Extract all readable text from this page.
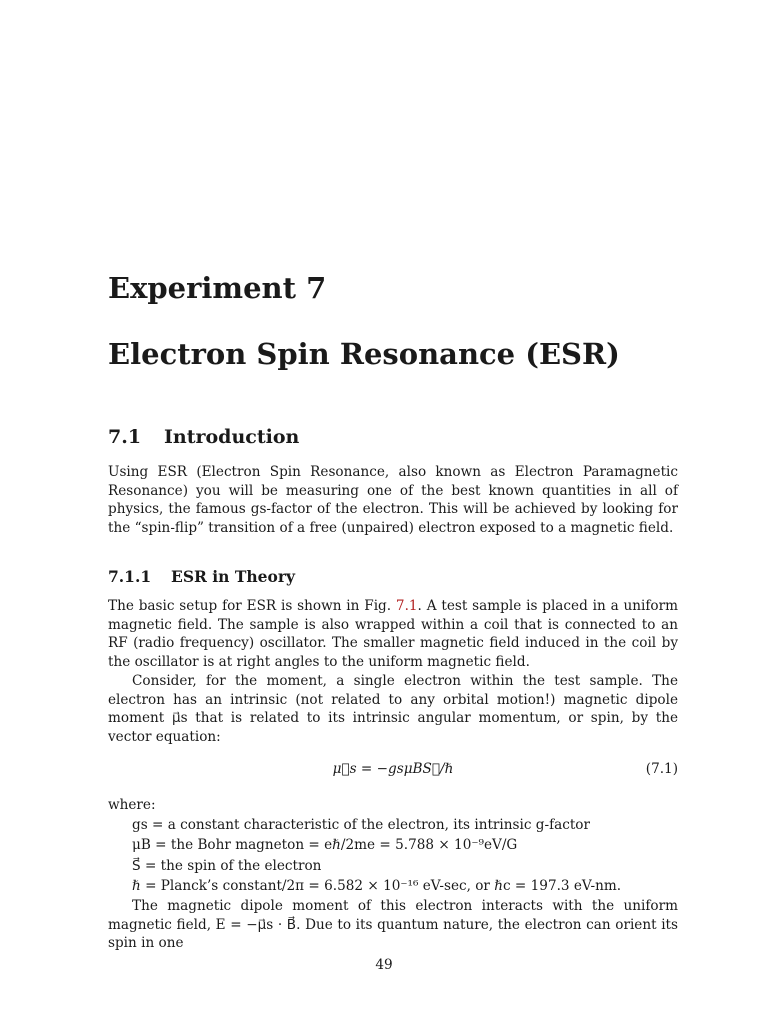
Experiment 7
Electron Spin Resonance (ESR)
7.1 Introduction

Using ESR (Electron Spin Resonance, also known as Electron Paramagnetic Resonance) you will be measuring one of the best known quantities in all of physics, the famous gs-factor of the electron. This will be achieved by looking for the “spin-flip” transition of a free (unpaired) electron exposed to a magnetic field.

7.1.1 ESR in Theory

The basic setup for ESR is shown in Fig. 7.1. A test sample is placed in a uniform magnetic field. The sample is also wrapped within a coil that is connected to an RF (radio frequency) oscillator. The smaller magnetic field induced in the coil by the oscillator is at right angles to the uniform magnetic field.

Consider, for the moment, a single electron within the test sample. The electron has an intrinsic (not related to any orbital motion!) magnetic dipole moment μ⃗s that is related to its intrinsic angular momentum, or spin, by the vector equation:

μ⃗s = −gsμBS⃗/ℏ	(7.1)

where:

gs = a constant characteristic of the electron, its intrinsic g-factor

μB = the Bohr magneton = eℏ/2me = 5.788 × 10⁻⁹eV/G

S⃗ = the spin of the electron

ℏ = Planck’s constant/2π = 6.582 × 10⁻¹⁶ eV-sec, or ℏc = 197.3 eV-nm.

The magnetic dipole moment of this electron interacts with the uniform magnetic field, E = −μ⃗s · B⃗. Due to its quantum nature, the electron can orient its spin in one

49
